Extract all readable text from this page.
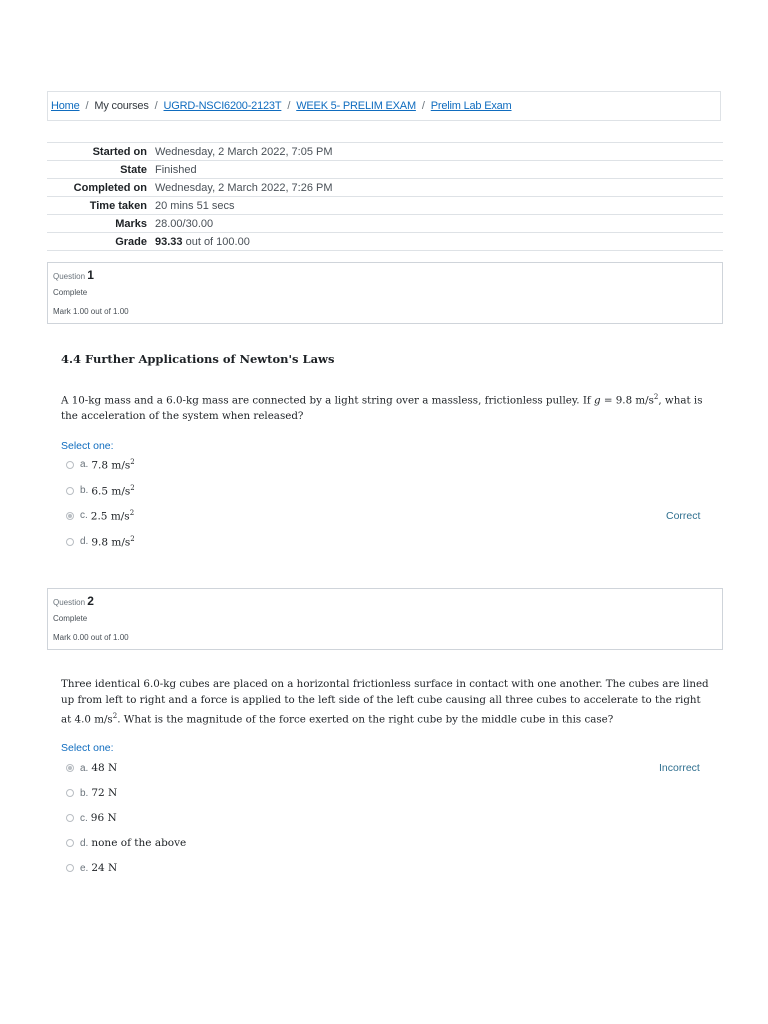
Home / My courses / UGRD-NSCI6200-2123T / WEEK 5- PRELIM EXAM / Prelim Lab Exam
Started on	Wednesday, 2 March 2022, 7:05 PM
State	Finished
Completed on	Wednesday, 2 March 2022, 7:26 PM
Time taken	20 mins 51 secs
Marks	28.00/30.00
Grade	93.33 out of 100.00
Question 1
Complete
Mark 1.00 out of 1.00
4.4 Further Applications of Newton's Laws
A 10-kg mass and a 6.0-kg mass are connected by a light string over a massless, frictionless pulley. If g = 9.8 $m/s^2$, what is the acceleration of the system when released?
Select one:
a. 7.8 $m/s^2$
b. 6.5 $m/s^2$
c. 2.5 $m/s^2$	Correct
d. 9.8 $m/s^2$
Question 2
Complete
Mark 0.00 out of 1.00
Three identical 6.0-kg cubes are placed on a horizontal frictionless surface in contact with one another. The cubes are lined up from left to right and a force is applied to the left side of the left cube causing all three cubes to accelerate to the right at 4.0 $m/s^2$. What is the magnitude of the force exerted on the right cube by the middle cube in this case?
Select one:
a. 48 N	Incorrect
b. 72 N
c. 96 N
d. none of the above
e. 24 N
